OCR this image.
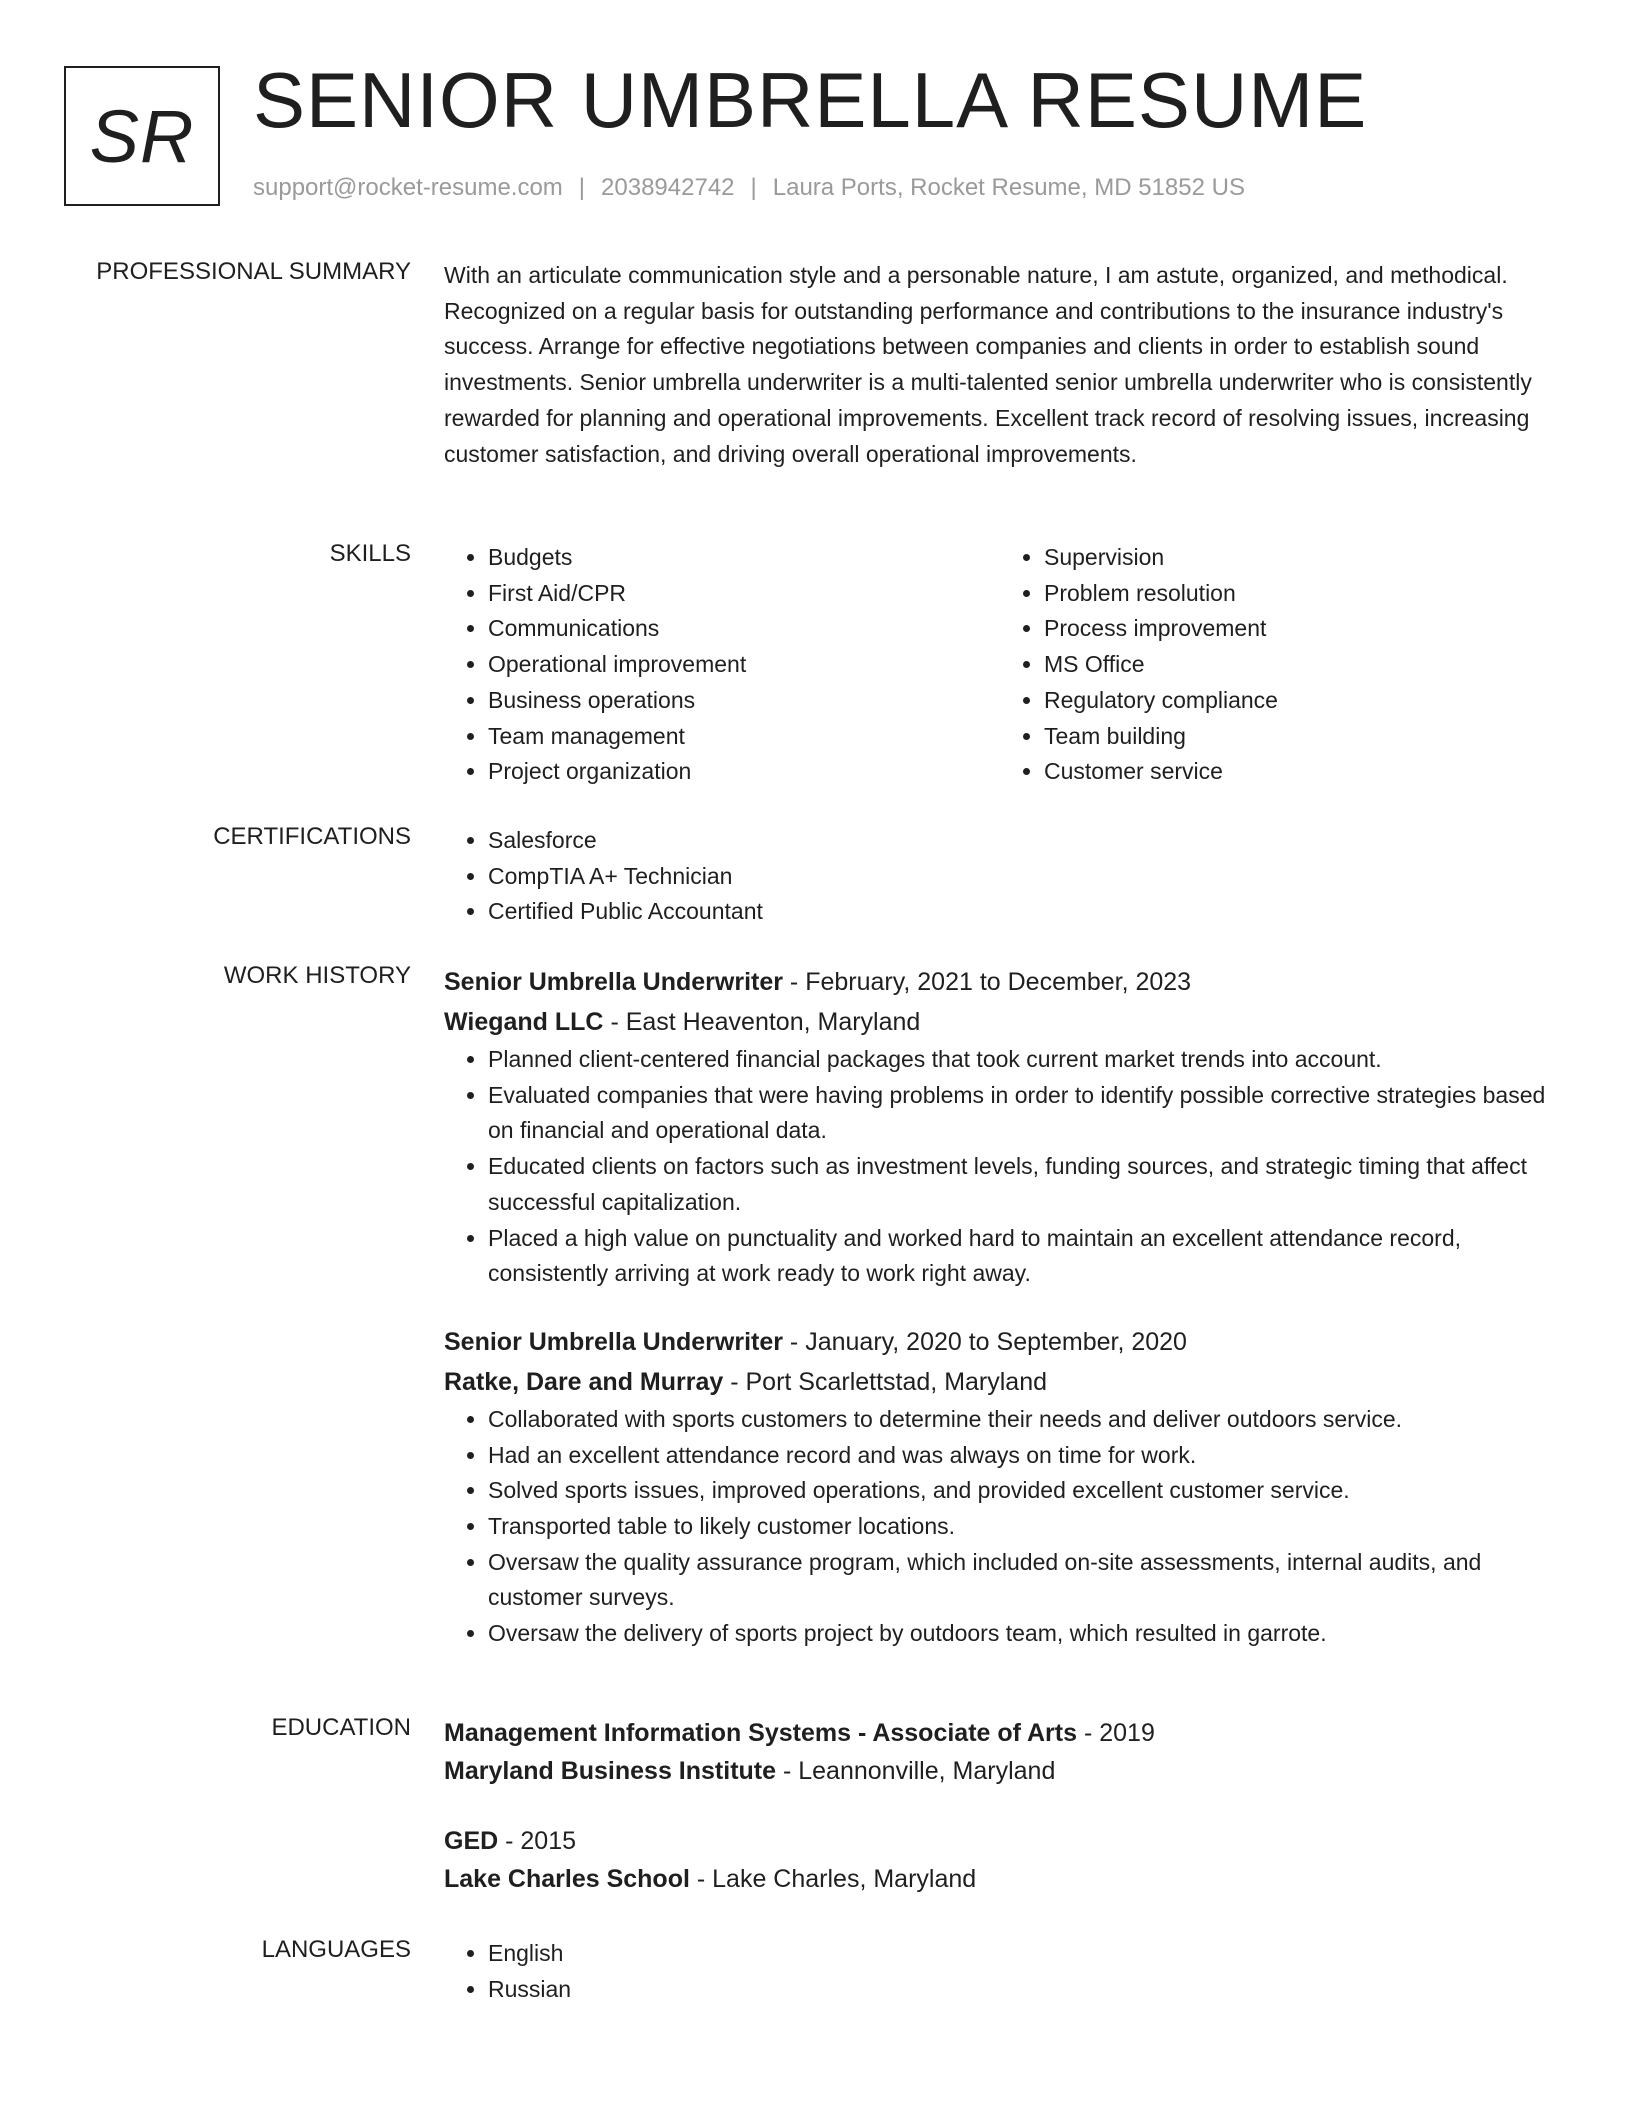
SR SENIOR UMBRELLA RESUME
support@rocket-resume.com | 2038942742 | Laura Ports, Rocket Resume, MD 51852 US
PROFESSIONAL SUMMARY With an articulate communication style and a personable nature, I am astute, organized, and methodical. Recognized on a regular basis for outstanding performance and contributions to the insurance industry's success. Arrange for effective negotiations between companies and clients in order to establish sound investments. Senior umbrella underwriter is a multi-talented senior umbrella underwriter who is consistently rewarded for planning and operational improvements. Excellent track record of resolving issues, increasing customer satisfaction, and driving overall operational improvements.
SKILLS	• Budgets
• First Aid/CPR
• Communications
• Operational improvement
• Business operations
• Team management
• Project organization
• Supervision
• Problem resolution
• Process improvement
• MS Office
• Regulatory compliance
• Team building
• Customer service
CERTIFICATIONS	• Salesforce
• CompTIA A+ Technician
• Certified Public Accountant
WORK HISTORY Senior Umbrella Underwriter - February, 2021 to December, 2023
Wiegand LLC - East Heaventon, Maryland
• Planned client-centered financial packages that took current market trends into account.
• Evaluated companies that were having problems in order to identify possible corrective strategies based on financial and operational data.
• Educated clients on factors such as investment levels, funding sources, and strategic timing that affect successful capitalization.
• Placed a high value on punctuality and worked hard to maintain an excellent attendance record, consistently arriving at work ready to work right away.
Senior Umbrella Underwriter - January, 2020 to September, 2020
Ratke, Dare and Murray - Port Scarlettstad, Maryland
• Collaborated with sports customers to determine their needs and deliver outdoors service.
• Had an excellent attendance record and was always on time for work.
• Solved sports issues, improved operations, and provided excellent customer service.
• Transported table to likely customer locations.
• Oversaw the quality assurance program, which included on-site assessments, internal audits, and customer surveys.
• Oversaw the delivery of sports project by outdoors team, which resulted in garrote.
EDUCATION Management Information Systems - Associate of Arts - 2019
Maryland Business Institute - Leannonville, Maryland
GED - 2015
Lake Charles School - Lake Charles, Maryland
LANGUAGES	• English
• Russian
